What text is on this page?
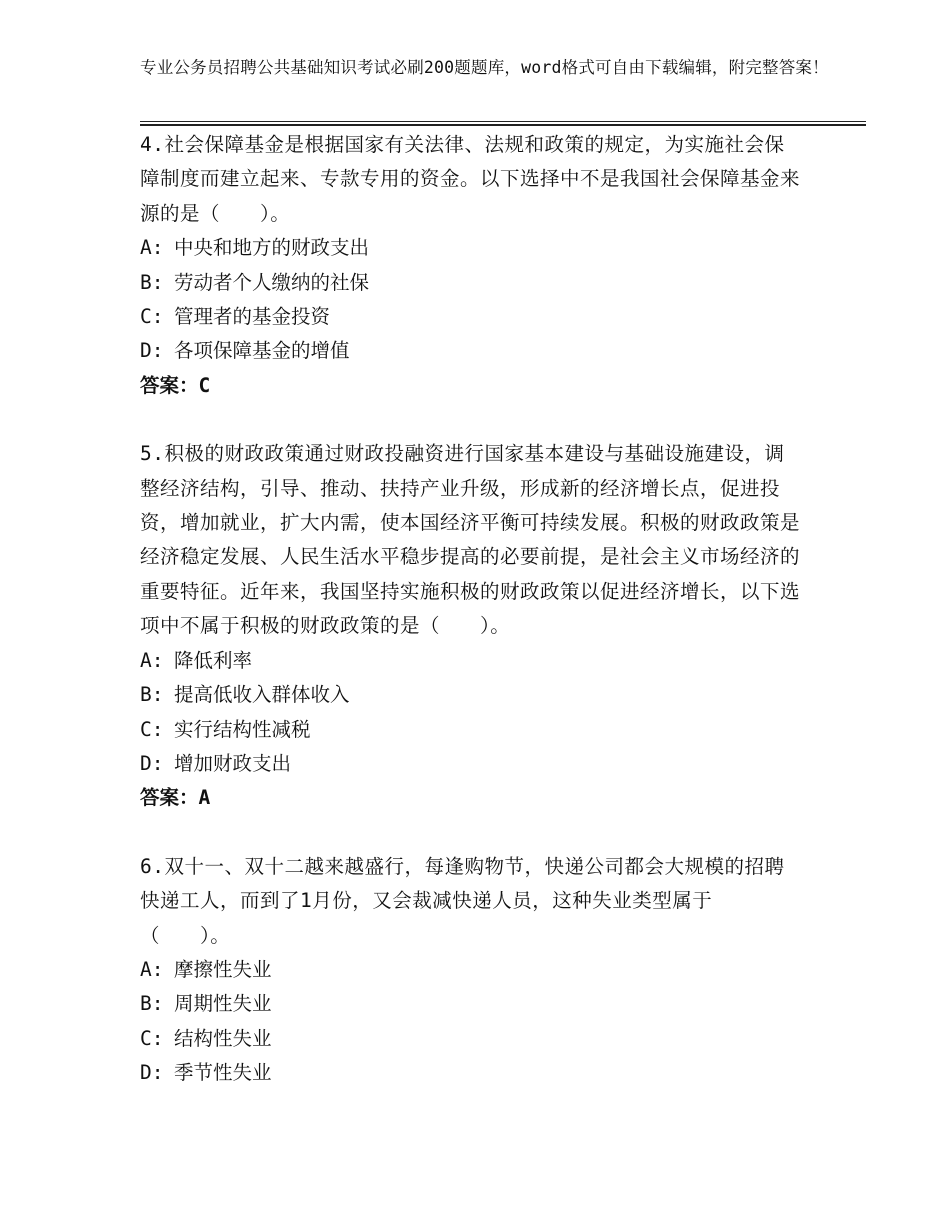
专业公务员招聘公共基础知识考试必刷200题题库，word格式可自由下载编辑，附完整答案！

4.社会保障基金是根据国家有关法律、法规和政策的规定，为实施社会保障制度而建立起来、专款专用的资金。以下选择中不是我国社会保障基金来源的是（　　）。

A: 中央和地方的财政支出

B: 劳动者个人缴纳的社保

C: 管理者的基金投资

D: 各项保障基金的增值

答案：C

5.积极的财政政策通过财政投融资进行国家基本建设与基础设施建设，调整经济结构，引导、推动、扶持产业升级，形成新的经济增长点，促进投资，增加就业，扩大内需，使本国经济平衡可持续发展。积极的财政政策是经济稳定发展、人民生活水平稳步提高的必要前提，是社会主义市场经济的重要特征。近年来，我国坚持实施积极的财政政策以促进经济增长，以下选项中不属于积极的财政政策的是（　　）。

A: 降低利率

B: 提高低收入群体收入

C: 实行结构性减税

D: 增加财政支出

答案：A

6.双十一、双十二越来越盛行，每逢购物节，快递公司都会大规模的招聘快递工人，而到了1月份，又会裁减快递人员，这种失业类型属于（　　）。

A: 摩擦性失业

B: 周期性失业

C: 结构性失业

D: 季节性失业
